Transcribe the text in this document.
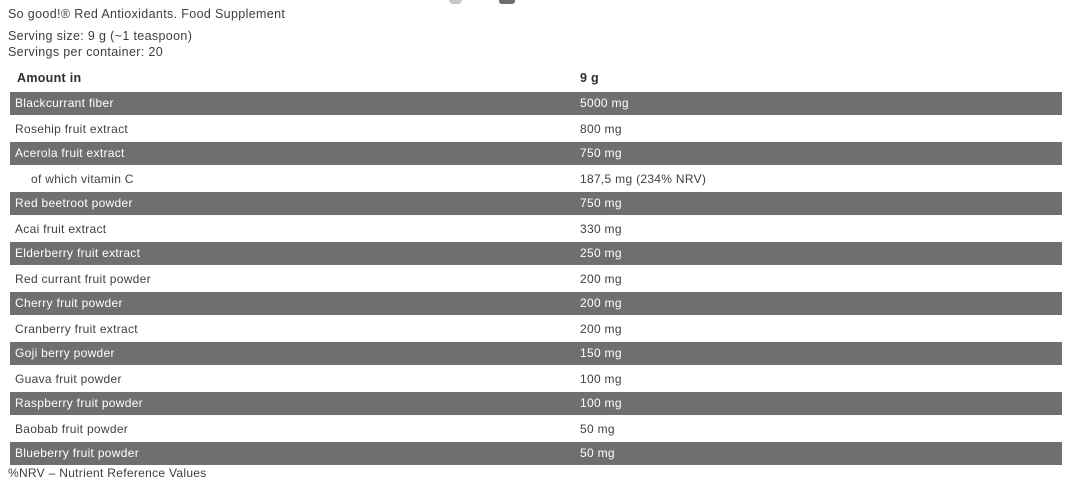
So good!® Red Antioxidants. Food Supplement
Serving size: 9 g (~1 teaspoon)
Servings per container: 20
Amount in	9 g
Blackcurrant fiber	5000 mg
Rosehip fruit extract	800 mg
Acerola fruit extract	750 mg
of which vitamin C	187,5 mg (234% NRV)
Red beetroot powder	750 mg
Acai fruit extract	330 mg
Elderberry fruit extract	250 mg
Red currant fruit powder	200 mg
Cherry fruit powder	200 mg
Cranberry fruit extract	200 mg
Goji berry powder	150 mg
Guava fruit powder	100 mg
Raspberry fruit powder	100 mg
Baobab fruit powder	50 mg
Blueberry fruit powder	50 mg
%NRV – Nutrient Reference Values
